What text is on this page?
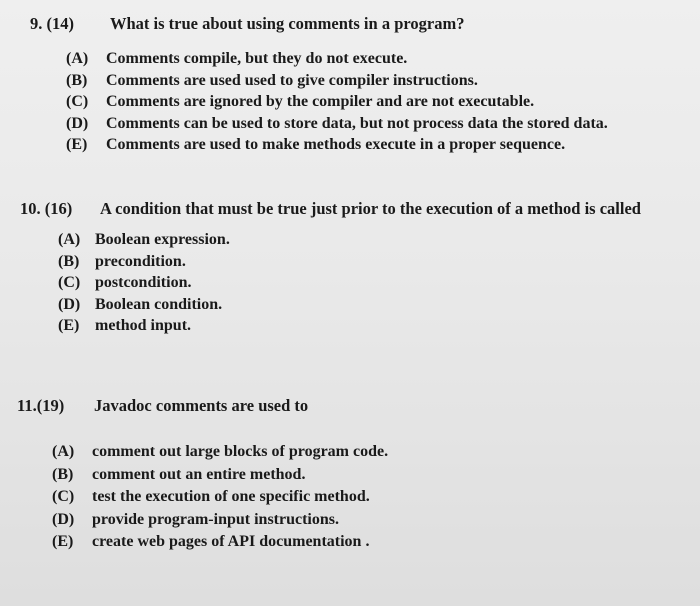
9. (14)	What is true about using comments in a program?
(A)	Comments compile, but they do not execute.
(B)	Comments are used used to give compiler instructions.
(C)	Comments are ignored by the compiler and are not executable.
(D)	Comments can be used to store data, but not process data the stored data.
(E)	Comments are used to make methods execute in a proper sequence.
10. (16)	A condition that must be true just prior to the execution of a method is called
(A) Boolean expression.
(B) precondition.
(C) postcondition.
(D) Boolean condition.
(E) method input.
11.(19)	Javadoc comments are used to
(A)	comment out large blocks of program code.
(B)	comment out an entire method.
(C)	test the execution of one specific method.
(D)	provide program-input instructions.
(E)	create web pages of API documentation .
